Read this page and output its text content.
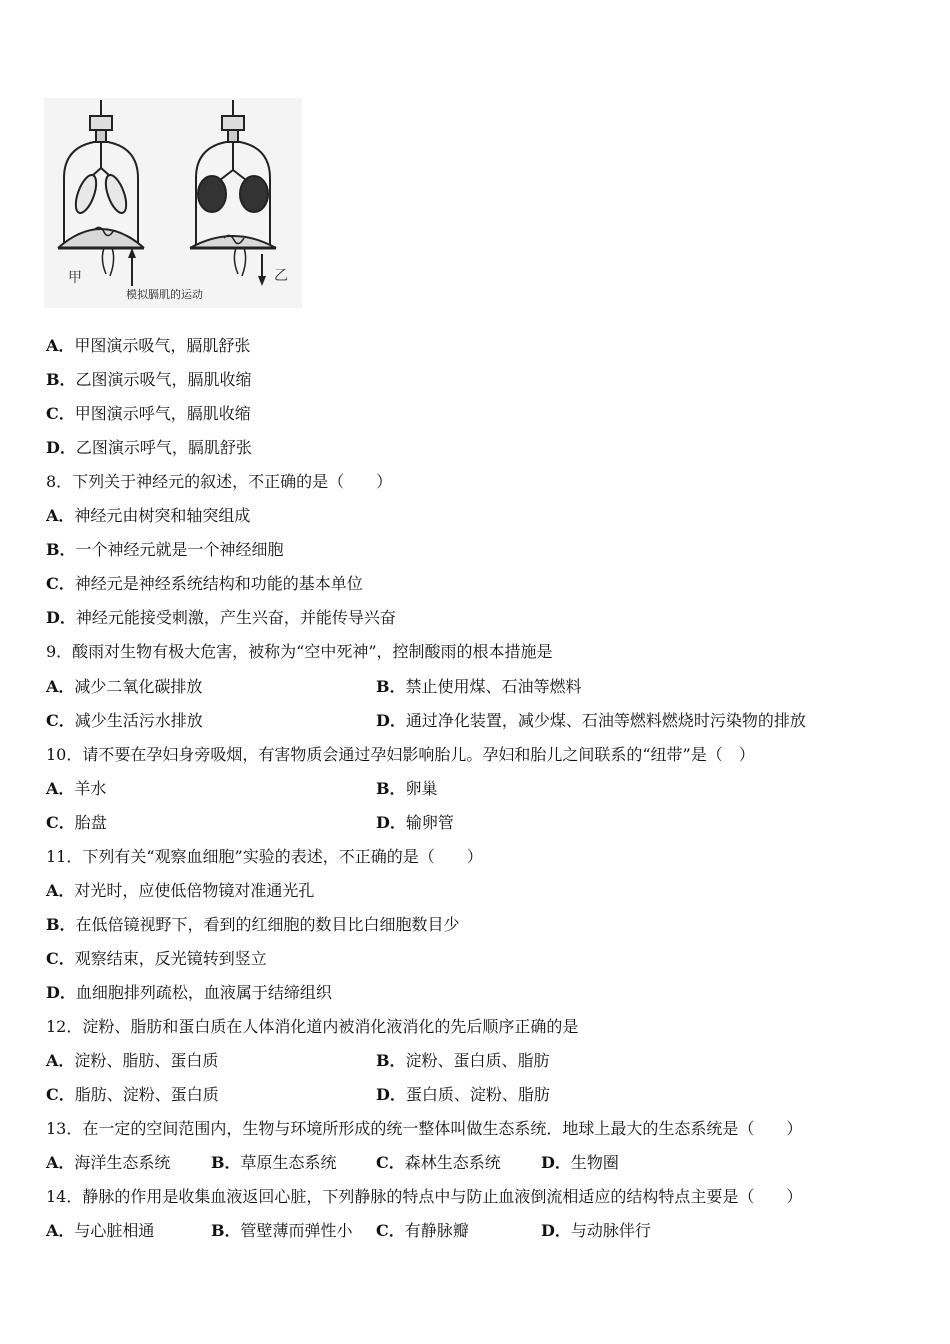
甲	乙
模拟膈肌的运动
A．甲图演示吸气，膈肌舒张
B．乙图演示吸气，膈肌收缩
C．甲图演示呼气，膈肌收缩
D．乙图演示呼气，膈肌舒张
8．下列关于神经元的叙述，不正确的是（　　）
A．神经元由树突和轴突组成
B．一个神经元就是一个神经细胞
C．神经元是神经系统结构和功能的基本单位
D．神经元能接受刺激，产生兴奋，并能传导兴奋
9．酸雨对生物有极大危害，被称为“空中死神”，控制酸雨的根本措施是
A．减少二氧化碳排放	B．禁止使用煤、石油等燃料
C．减少生活污水排放	D．通过净化装置，减少煤、石油等燃料燃烧时污染物的排放
10．请不要在孕妇身旁吸烟，有害物质会通过孕妇影响胎儿。孕妇和胎儿之间联系的“纽带”是（　）
A．羊水	B．卵巢
C．胎盘	D．输卵管
11．下列有关“观察血细胞”实验的表述，不正确的是（　　）
A．对光时，应使低倍物镜对准通光孔
B．在低倍镜视野下，看到的红细胞的数目比白细胞数目少
C．观察结束，反光镜转到竖立
D．血细胞排列疏松，血液属于结缔组织
12．淀粉、脂肪和蛋白质在人体消化道内被消化液消化的先后顺序正确的是
A．淀粉、脂肪、蛋白质	B．淀粉、蛋白质、脂肪
C．脂肪、淀粉、蛋白质	D．蛋白质、淀粉、脂肪
13．在一定的空间范围内，生物与环境所形成的统一整体叫做生态系统．地球上最大的生态系统是（　　）
A．海洋生态系统	B．草原生态系统 C．森林生态系统	D．生物圈
14．静脉的作用是收集血液返回心脏，下列静脉的特点中与防止血液倒流相适应的结构特点主要是（　　）
A．与心脏相通	B．管壁薄而弹性小 C．有静脉瓣	D．与动脉伴行
